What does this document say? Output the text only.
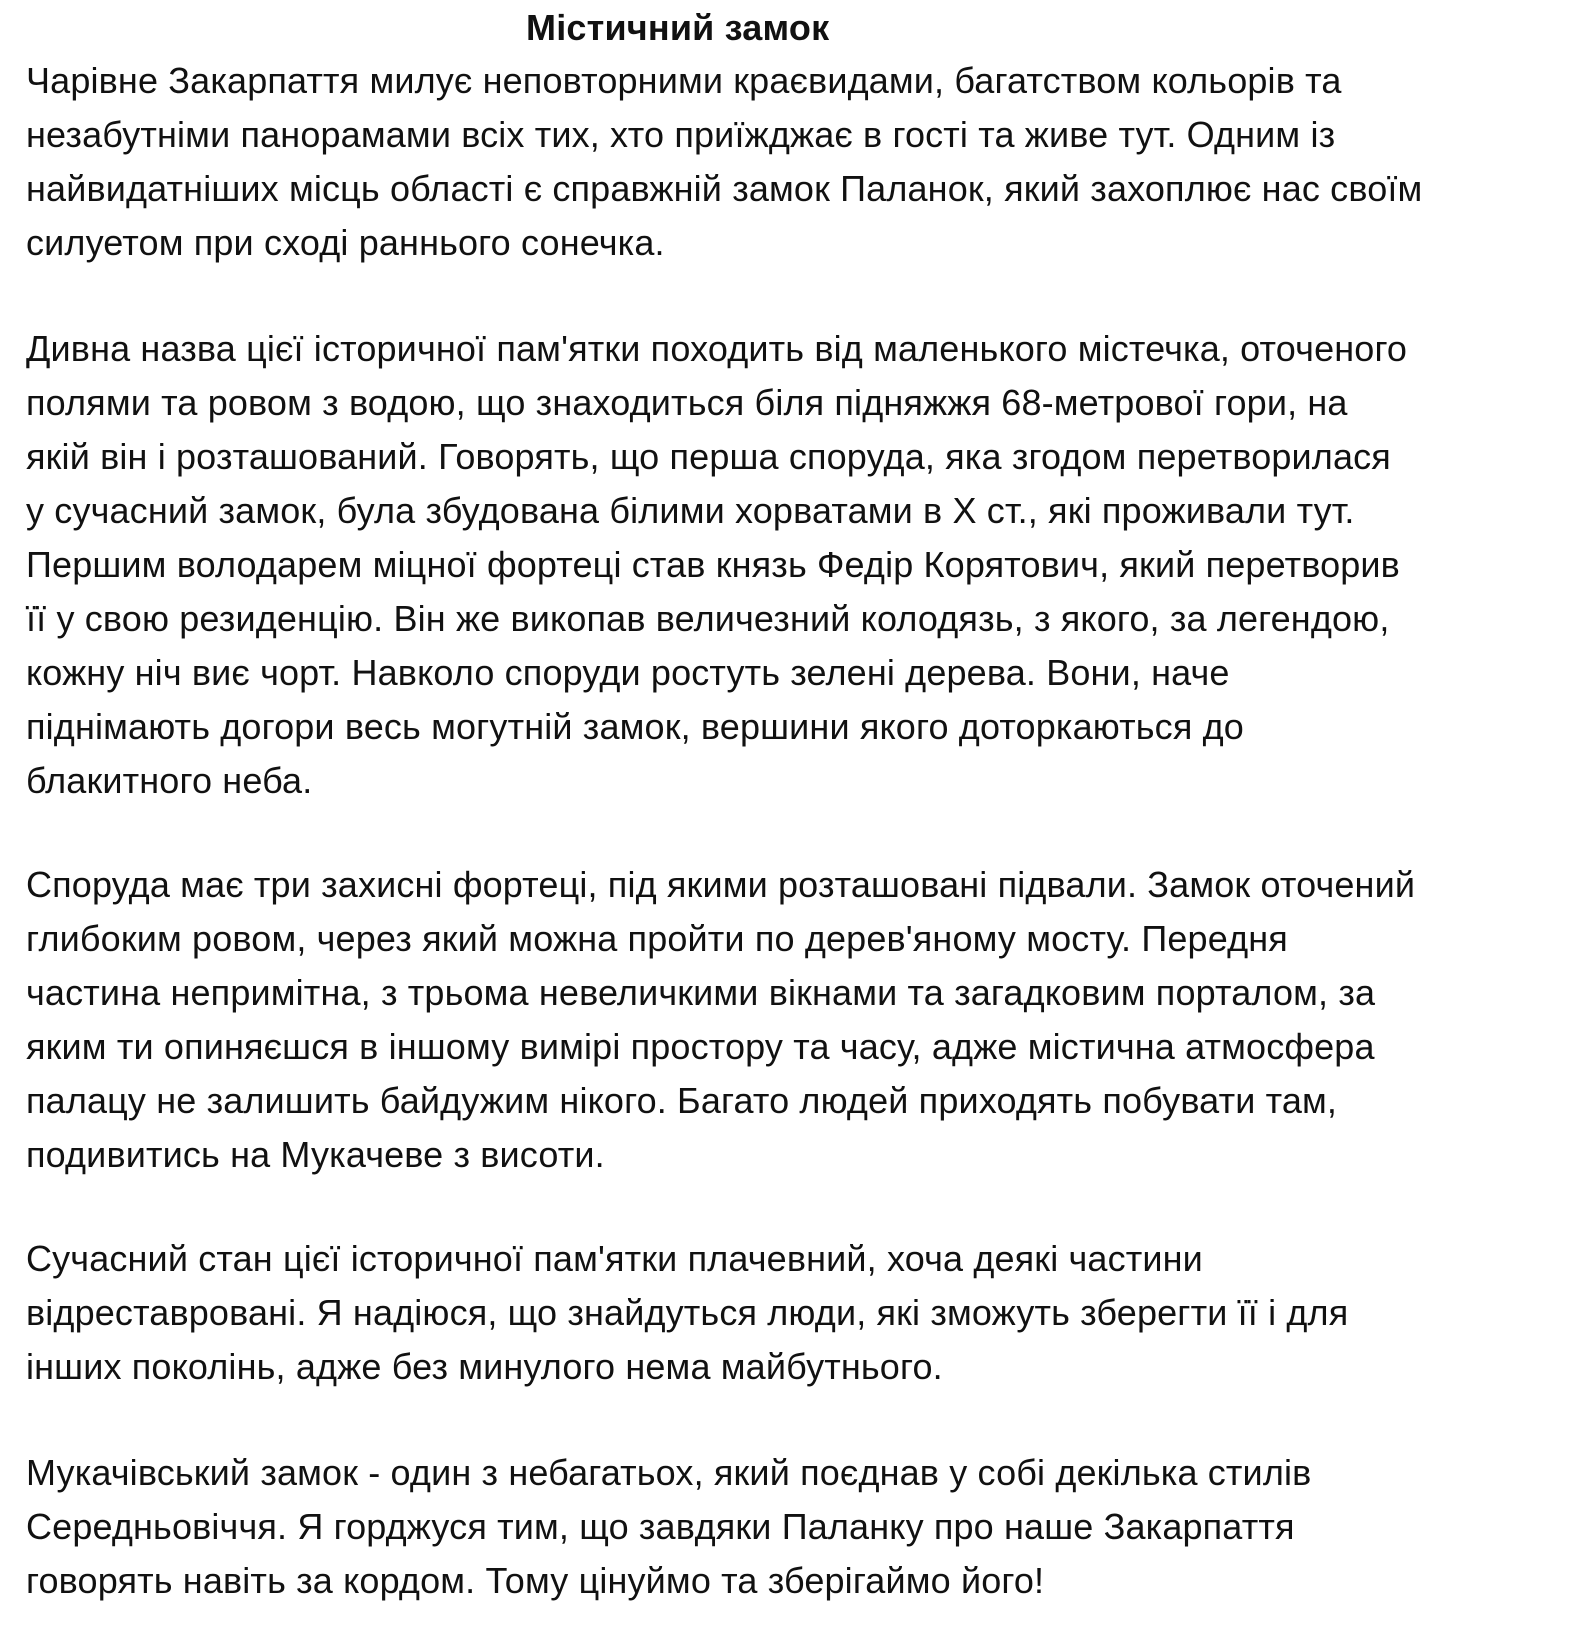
Містичний замок

Чарівне Закарпаття милує неповторними краєвидами, багатством кольорів та
незабутніми панорамами всіх тих, хто приїжджає в гості та живе тут. Одним із
найвидатніших місць області є справжній замок Паланок, який захоплює нас своїм
силуетом при сході раннього сонечка.

Дивна назва цієї історичної пам'ятки походить від маленького містечка, оточеного
полями та ровом з водою, що знаходиться біля підняжжя 68-метрової гори, на
якій він і розташований. Говорять, що перша споруда, яка згодом перетворилася
у сучасний замок, була збудована білими хорватами в Х ст., які проживали тут.
Першим володарем міцної фортеці став князь Федір Корятович, який перетворив
її у свою резиденцію. Він же викопав величезний колодязь, з якого, за легендою,
кожну ніч виє чорт. Навколо споруди ростуть зелені дерева. Вони, наче
піднімають догори весь могутній замок, вершини якого доторкаються до
блакитного неба.

Споруда має три захисні фортеці, під якими розташовані підвали. Замок оточений
глибоким ровом, через який можна пройти по дерев'яному мосту. Передня
частина непримітна, з трьома невеличкими вікнами та загадковим порталом, за
яким ти опиняєшся в іншому вимірі простору та часу, адже містична атмосфера
палацу не залишить байдужим нікого. Багато людей приходять побувати там,
подивитись на Мукачеве з висоти.

Сучасний стан цієї історичної пам'ятки плачевний, хоча деякі частини
відреставровані. Я надіюся, що знайдуться люди, які зможуть зберегти її і для
інших поколінь, адже без минулого нема майбутнього.

Мукачівський замок - один з небагатьох, який поєднав у собі декілька стилів
Середньовіччя. Я горджуся тим, що завдяки Паланку про наше Закарпаття
говорять навіть за кордом. Тому цінуймо та зберігаймо його!
